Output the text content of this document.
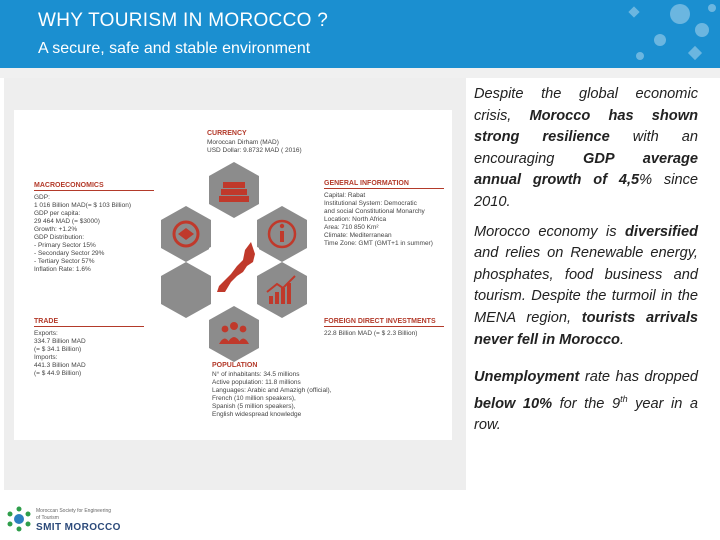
WHY TOURISM IN MOROCCO ?
A secure, safe and stable environment
CURRENCY
Moroccan Dirham (MAD)
USD Dollar: 9.8732 MAD ( 2016)
MACROECONOMICS
GDP:
1 016 Billion MAD(= $ 103 Billion)
GDP per capita:
29 464 MAD (= $3000)
Growth: +1.2%
GDP Distribution:
- Primary Sector 15%
- Secondary Sector 29%
- Tertiary Sector 57%
Inflation Rate: 1.6%
GENERAL INFORMATION
Capital: Rabat
Institutional System: Democratic
and social Constitutional Monarchy
Location: North Africa
Area: 710 850 Km²
Climate: Mediterranean
Time Zone: GMT (GMT+1 in summer)
TRADE
Exports:
334.7 Billion MAD
(= $ 34.1 Billion)
Imports:
441.3 Billion MAD
(= $ 44.9 Billion)
FOREIGN DIRECT INVESTMENTS
22.8 Billion MAD (= $ 2.3 Billion)
POPULATION
N° of inhabitants: 34.5 millions
Active population: 11.8 millions
Languages: Arabic and Amazigh (official),
French (10 million speakers),
Spanish (5 million speakers),
English widespread knowledge

Despite the global economic crisis, Morocco has shown strong resilience with an encouraging GDP average annual growth of 4,5% since 2010.

Morocco economy is diversified and relies on Renewable energy, phosphates, food business and tourism. Despite the turmoil in the MENA region, tourists arrivals never fell in Morocco.

Unemployment rate has dropped below 10% for the 9th year in a row.

Moroccan Society for Engineering
of Tourism
SMIT MOROCCO
